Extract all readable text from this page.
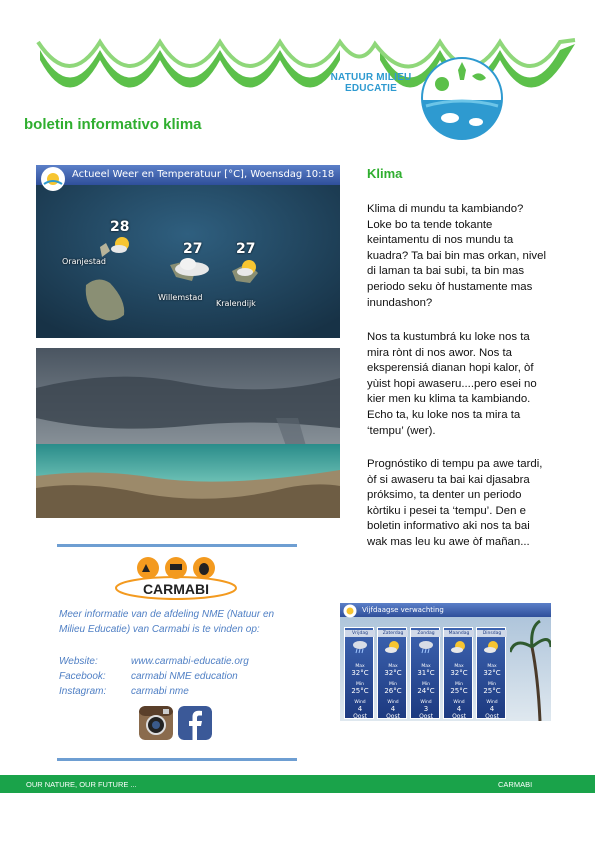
NATUUR MILIEU
EDUCATIE
boletin informativo klima
Actueel Weer en Temperatuur [°C], Woensdag 10:18
28
Oranjestad
27
Willemstad
27
Kralendijk
Klima
Klima di mundu ta kambiando? Loke bo ta tende tokante keintamentu di nos mundu ta kuadra? Ta bai bin mas orkan, nivel di laman ta bai subi, ta bin mas periodo seku òf hustamente mas inundashon?
Nos ta kustumbrá ku loke nos ta mira rònt di nos awor. Nos ta eksperensiá dianan hopi kalor, òf yùist hopi awaseru....pero esei no kier men ku klima ta kambiando. Echo ta, ku loke nos ta mira ta ‘tempu’ (wer).
Prognóstiko di tempu pa awe tardi, òf si awaseru ta bai kai djasabra próksimo, ta denter un periodo kòrtiku i pesei ta ‘tempu’. Den e boletin informativo aki nos ta bai wak mas leu ku awe òf mañan...
CARMABI
Meer informatie van de afdeling NME (Natuur en Milieu Educatie) van Carmabi is te vinden op:
Website:	www.carmabi-educatie.org
Facebook:	carmabi NME education
Instagram: carmabi nme
Vijfdaagse verwachting
Vrijdag
Max
32°C
Min
25°C
Wind
4
Oost
Zaterdag
Max
32°C
Min
26°C
Wind
4
Oost
Zondag
Max
31°C
Min
24°C
Wind
3
Oost
Maandag
Max
32°C
Min
25°C
Wind
4
Oost
Dinsdag
Max
32°C
Min
25°C
Wind
4
Oost
OUR NATURE, OUR FUTURE ...	CARMABI
